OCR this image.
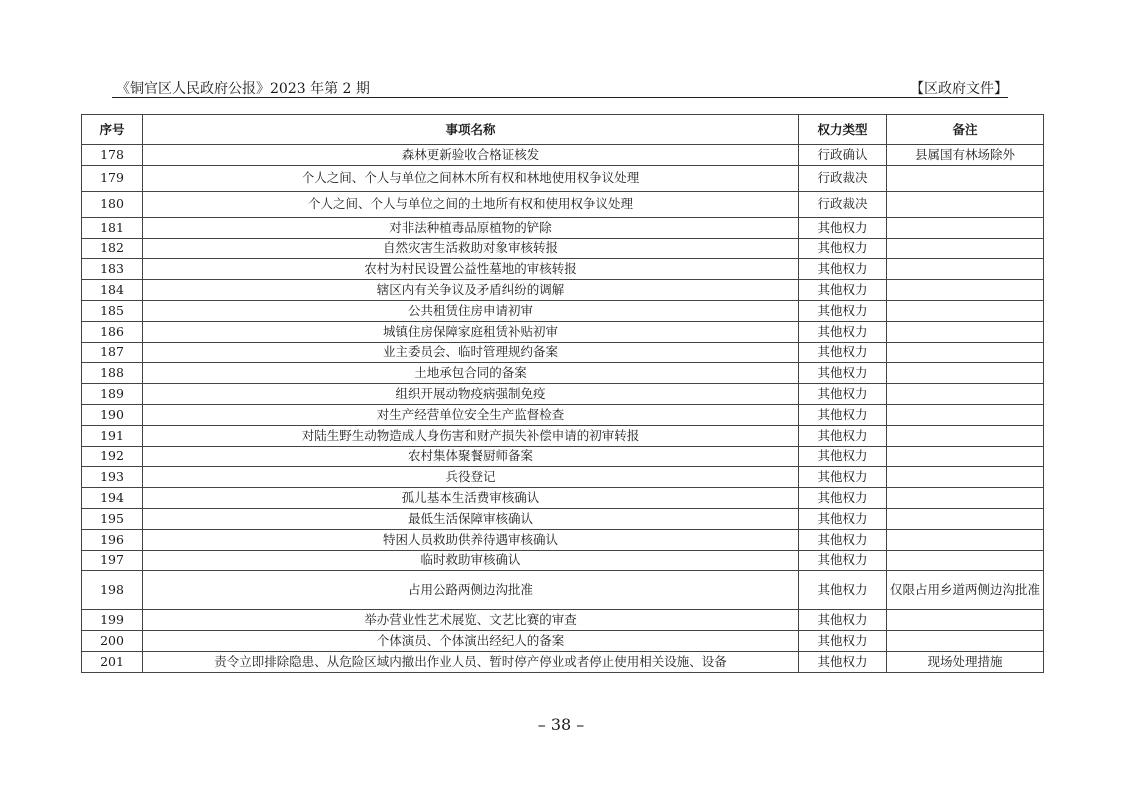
《铜官区人民政府公报》2023 年第 2 期	【区政府文件】
序号	事项名称	权力类型	备注
178	森林更新验收合格证核发	行政确认	县属国有林场除外
179	个人之间、个人与单位之间林木所有权和林地使用权争议处理	行政裁决	
180	个人之间、个人与单位之间的土地所有权和使用权争议处理	行政裁决	
181	对非法种植毒品原植物的铲除	其他权力	
182	自然灾害生活救助对象审核转报	其他权力	
183	农村为村民设置公益性墓地的审核转报	其他权力	
184	辖区内有关争议及矛盾纠纷的调解	其他权力	
185	公共租赁住房申请初审	其他权力	
186	城镇住房保障家庭租赁补贴初审	其他权力	
187	业主委员会、临时管理规约备案	其他权力	
188	土地承包合同的备案	其他权力	
189	组织开展动物疫病强制免疫	其他权力	
190	对生产经营单位安全生产监督检查	其他权力	
191	对陆生野生动物造成人身伤害和财产损失补偿申请的初审转报	其他权力	
192	农村集体聚餐厨师备案	其他权力	
193	兵役登记	其他权力	
194	孤儿基本生活费审核确认	其他权力	
195	最低生活保障审核确认	其他权力	
196	特困人员救助供养待遇审核确认	其他权力	
197	临时救助审核确认	其他权力	
198	占用公路两侧边沟批准	其他权力	仅限占用乡道两侧边沟批准
199	举办营业性艺术展览、文艺比赛的审查	其他权力	
200	个体演员、个体演出经纪人的备案	其他权力	
201	责令立即排除隐患、从危险区域内撤出作业人员、暂时停产停业或者停止使用相关设施、设备	其他权力	现场处理措施
– 38 –
